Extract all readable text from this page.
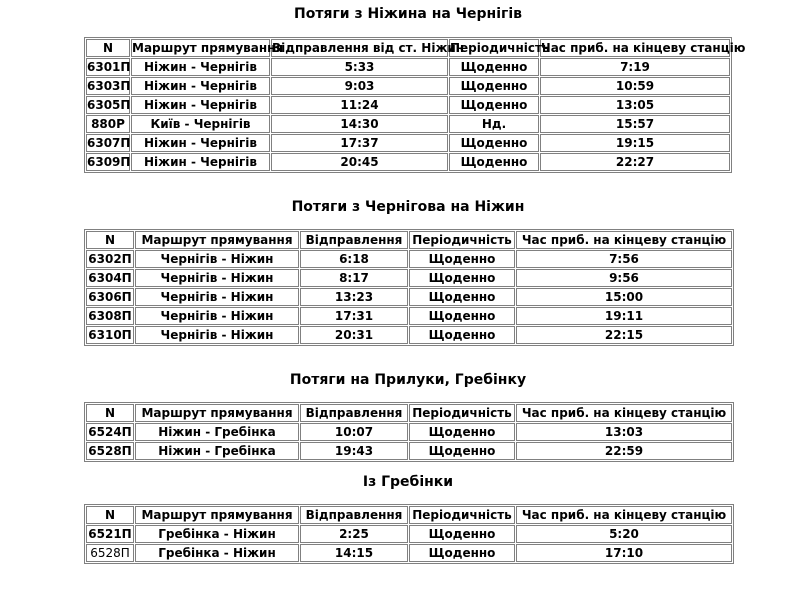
Потяги з Ніжина на Чернігів
N	Маршрут прямування	Відправлення від ст. Ніжин	Періодичність	Час приб. на кінцеву станцію
6301П	Ніжин - Чернігів	5:33	Щоденно	7:19
6303П	Ніжин - Чернігів	9:03	Щоденно	10:59
6305П	Ніжин - Чернігів	11:24	Щоденно	13:05
880Р	Київ - Чернігів	14:30	Нд.	15:57
6307П	Ніжин - Чернігів	17:37	Щоденно	19:15
6309П	Ніжин - Чернігів	20:45	Щоденно	22:27
Потяги з Чернігова на Ніжин
N	Маршрут прямування	Відправлення	Періодичність	Час приб. на кінцеву станцію
6302П	Чернігів - Ніжин	6:18	Щоденно	7:56
6304П	Чернігів - Ніжин	8:17	Щоденно	9:56
6306П	Чернігів - Ніжин	13:23	Щоденно	15:00
6308П	Чернігів - Ніжин	17:31	Щоденно	19:11
6310П	Чернігів - Ніжин	20:31	Щоденно	22:15
Потяги на Прилуки, Гребінку
N	Маршрут прямування	Відправлення	Періодичність	Час приб. на кінцеву станцію
6524П	Ніжин - Гребінка	10:07	Щоденно	13:03
6528П	Ніжин - Гребінка	19:43	Щоденно	22:59
Із Гребінки
N	Маршрут прямування	Відправлення	Періодичність	Час приб. на кінцеву станцію
6521П	Гребінка - Ніжин	2:25	Щоденно	5:20
6528П	Гребінка - Ніжин	14:15	Щоденно	17:10
